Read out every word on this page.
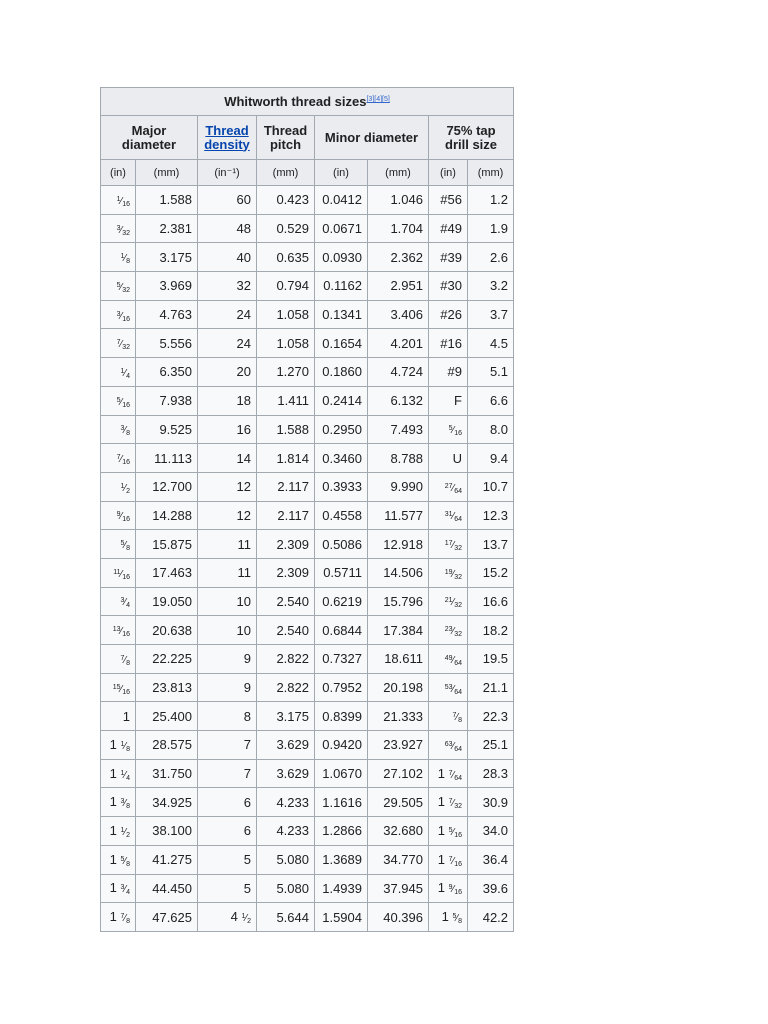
Whitworth thread sizes[3][4][5]
Major diameter		Thread density	Thread pitch	Minor diameter		75% tap drill size	
(in)	(mm)	(in⁻¹)	(mm)	(in)	(mm)	(in)	(mm)
$^1⁄_{16}$	1.588	60	0.423	0.0412	1.046	#56	1.2
$^3⁄_{32}$	2.381	48	0.529	0.0671	1.704	#49	1.9
$^1⁄_8$	3.175	40	0.635	0.0930	2.362	#39	2.6
$^5⁄_{32}$	3.969	32	0.794	0.1162	2.951	#30	3.2
$^3⁄_{16}$	4.763	24	1.058	0.1341	3.406	#26	3.7
$^7⁄_{32}$	5.556	24	1.058	0.1654	4.201	#16	4.5
$^1⁄_4$	6.350	20	1.270	0.1860	4.724	#9	5.1
$^5⁄_{16}$	7.938	18	1.411	0.2414	6.132	F	6.6
$^3⁄_8$	9.525	16	1.588	0.2950	7.493	$^5⁄_{16}$	8.0
$^7⁄_{16}$	11.113	14	1.814	0.3460	8.788	U	9.4
$^1⁄_2$	12.700	12	2.117	0.3933	9.990	$^{27}⁄_{64}$	10.7
$^9⁄_{16}$	14.288	12	2.117	0.4558	11.577	$^{31}⁄_{64}$	12.3
$^5⁄_8$	15.875	11	2.309	0.5086	12.918	$^{17}⁄_{32}$	13.7
$^{11}⁄_{16}$	17.463	11	2.309	0.5711	14.506	$^{19}⁄_{32}$	15.2
$^3⁄_4$	19.050	10	2.540	0.6219	15.796	$^{21}⁄_{32}$	16.6
$^{13}⁄_{16}$	20.638	10	2.540	0.6844	17.384	$^{23}⁄_{32}$	18.2
$^7⁄_8$	22.225	9	2.822	0.7327	18.611	$^{49}⁄_{64}$	19.5
$^{15}⁄_{16}$	23.813	9	2.822	0.7952	20.198	$^{53}⁄_{64}$	21.1
1	25.400	8	3.175	0.8399	21.333	$^7⁄_8$	22.3
1 $^1⁄_8$	28.575	7	3.629	0.9420	23.927	$^{63}⁄_{64}$	25.1
1 $^1⁄_4$	31.750	7	3.629	1.0670	27.102	1 $^7⁄_{64}$	28.3
1 $^3⁄_8$	34.925	6	4.233	1.1616	29.505	1 $^7⁄_{32}$	30.9
1 $^1⁄_2$	38.100	6	4.233	1.2866	32.680	1 $^5⁄_{16}$	34.0
1 $^5⁄_8$	41.275	5	5.080	1.3689	34.770	1 $^7⁄_{16}$	36.4
1 $^3⁄_4$	44.450	5	5.080	1.4939	37.945	1 $^9⁄_{16}$	39.6
1 $^7⁄_8$	47.625	4 $^1⁄_2$	5.644	1.5904	40.396	1 $^5⁄_8$	42.2
